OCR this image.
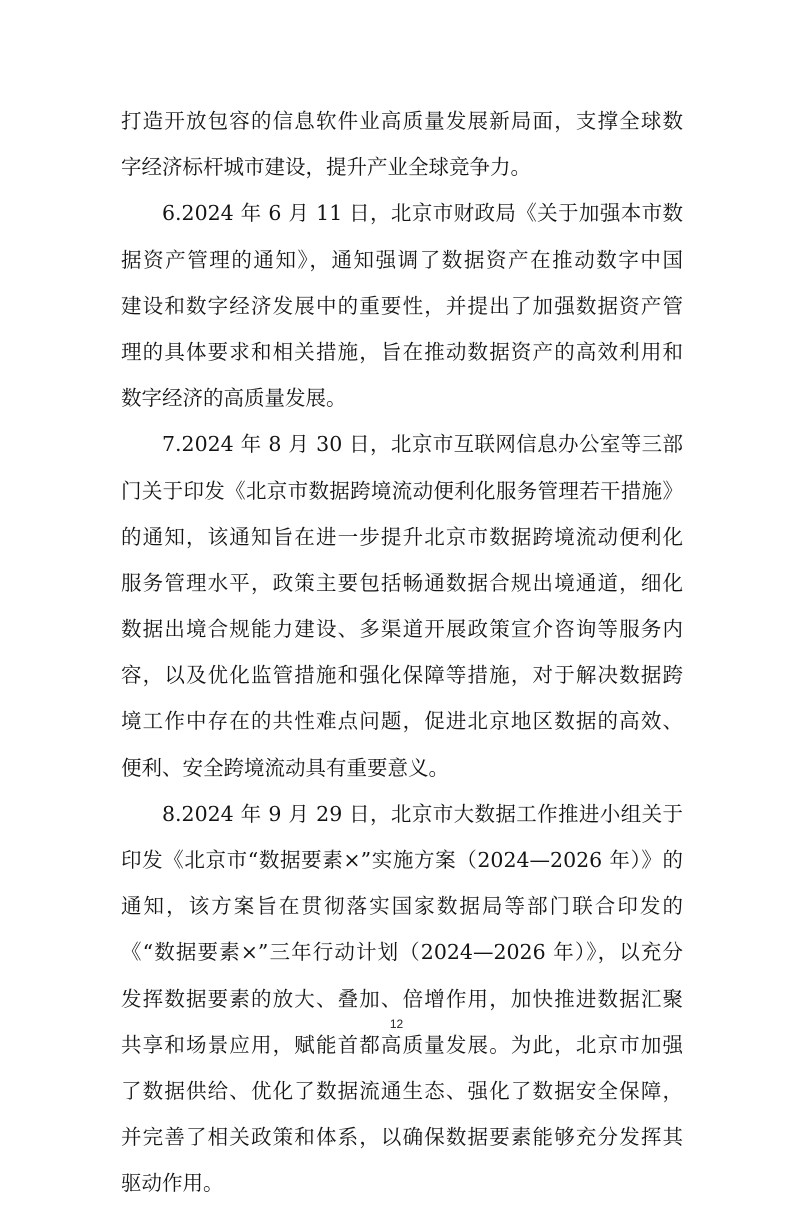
打造开放包容的信息软件业高质量发展新局面，支撑全球数
字经济标杆城市建设，提升产业全球竞争力。
6.2024 年 6 月 11 日，北京市财政局《关于加强本市数
据资产管理的通知》，通知强调了数据资产在推动数字中国
建设和数字经济发展中的重要性，并提出了加强数据资产管
理的具体要求和相关措施，旨在推动数据资产的高效利用和
数字经济的高质量发展。
7.2024 年 8 月 30 日，北京市互联网信息办公室等三部
门关于印发《北京市数据跨境流动便利化服务管理若干措施》
的通知，该通知旨在进一步提升北京市数据跨境流动便利化
服务管理水平，政策主要包括畅通数据合规出境通道，细化
数据出境合规能力建设、多渠道开展政策宣介咨询等服务内
容，以及优化监管措施和强化保障等措施，对于解决数据跨
境工作中存在的共性难点问题，促进北京地区数据的高效、
便利、安全跨境流动具有重要意义。
8.2024 年 9 月 29 日，北京市大数据工作推进小组关于
印发《北京市“数据要素×”实施方案（2024—2026 年）》的
通知，该方案旨在贯彻落实国家数据局等部门联合印发的
《“数据要素×”三年行动计划（2024—2026 年）》，以充分
发挥数据要素的放大、叠加、倍增作用，加快推进数据汇聚
共享和场景应用，赋能首都高质量发展。为此，北京市加强
了数据供给、优化了数据流通生态、强化了数据安全保障，
并完善了相关政策和体系，以确保数据要素能够充分发挥其
驱动作用。
12
